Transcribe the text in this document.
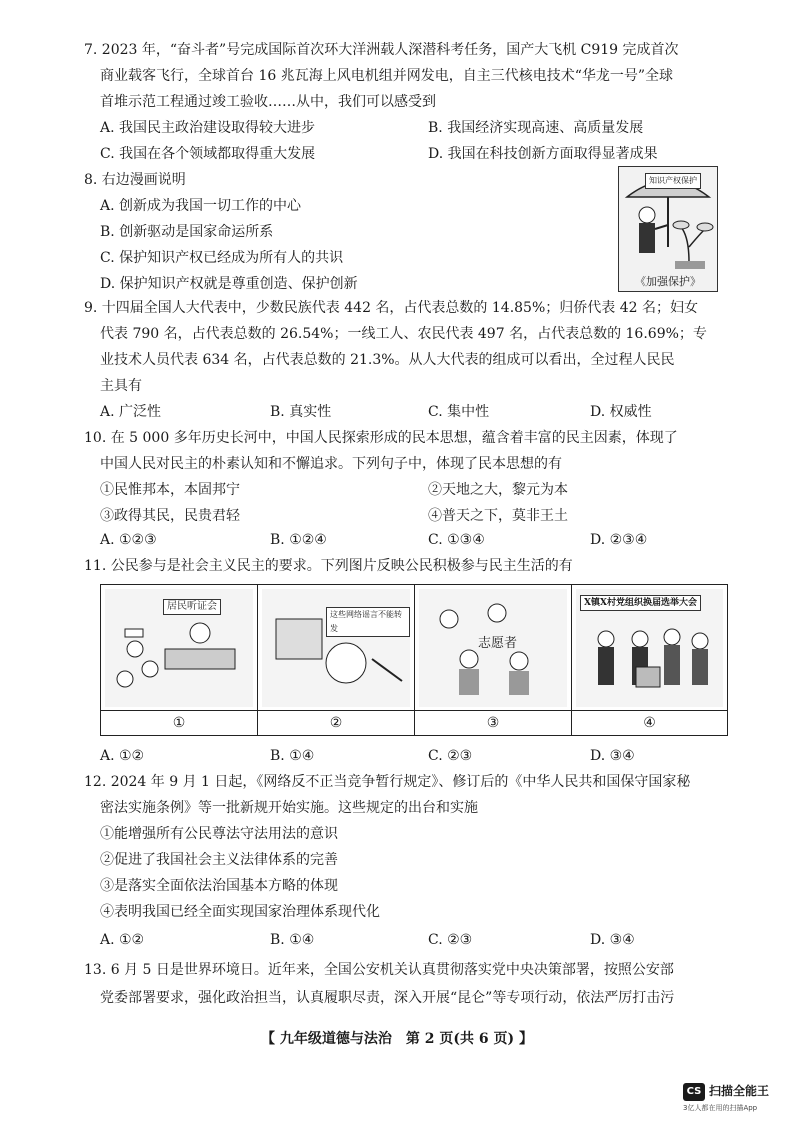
7. 2023 年，“奋斗者”号完成国际首次环大洋洲载人深潜科考任务，国产大飞机 C919 完成首次
商业载客飞行，全球首台 16 兆瓦海上风电机组并网发电，自主三代核电技术“华龙一号”全球
首堆示范工程通过竣工验收……从中，我们可以感受到
A. 我国民主政治建设取得较大进步	B. 我国经济实现高速、高质量发展
C. 我国在各个领域都取得重大发展	D. 我国在科技创新方面取得显著成果
8. 右边漫画说明
A. 创新成为我国一切工作的中心
B. 创新驱动是国家命运所系
C. 保护知识产权已经成为所有人的共识
D. 保护知识产权就是尊重创造、保护创新
知识产权保护
《加强保护》
9. 十四届全国人大代表中，少数民族代表 442 名，占代表总数的 14.85%；归侨代表 42 名；妇女
代表 790 名，占代表总数的 26.54%；一线工人、农民代表 497 名，占代表总数的 16.69%；专
业技术人员代表 634 名，占代表总数的 21.3%。从人大代表的组成可以看出，全过程人民民
主具有
A. 广泛性	B. 真实性	C. 集中性	D. 权威性
10. 在 5 000 多年历史长河中，中国人民探索形成的民本思想，蕴含着丰富的民主因素，体现了
中国人民对民主的朴素认知和不懈追求。下列句子中，体现了民本思想的有
①民惟邦本，本固邦宁	②天地之大，黎元为本
③政得其民，民贵君轻	④普天之下，莫非王土
A. ①②③	B. ①②④	C. ①③④	D. ②③④
11. 公民参与是社会主义民主的要求。下列图片反映公民积极参与民主生活的有
居民听证会
①
这些网络谣言不能转发
②
志愿者
③
X镇X村党组织换届选举大会
④
A. ①②	B. ①④	C. ②③	D. ③④
12. 2024 年 9 月 1 日起，《网络反不正当竞争暂行规定》、修订后的《中华人民共和国保守国家秘
密法实施条例》等一批新规开始实施。这些规定的出台和实施
①能增强所有公民尊法守法用法的意识
②促进了我国社会主义法律体系的完善
③是落实全面依法治国基本方略的体现
④表明我国已经全面实现国家治理体系现代化
A. ①②	B. ①④	C. ②③	D. ③④
13. 6 月 5 日是世界环境日。近年来，全国公安机关认真贯彻落实党中央决策部署，按照公安部
党委部署要求，强化政治担当，认真履职尽责，深入开展“昆仑”等专项行动，依法严厉打击污
【 九年级道德与法治　第 2 页(共 6 页) 】
CS 扫描全能王
3亿人都在用的扫描App
